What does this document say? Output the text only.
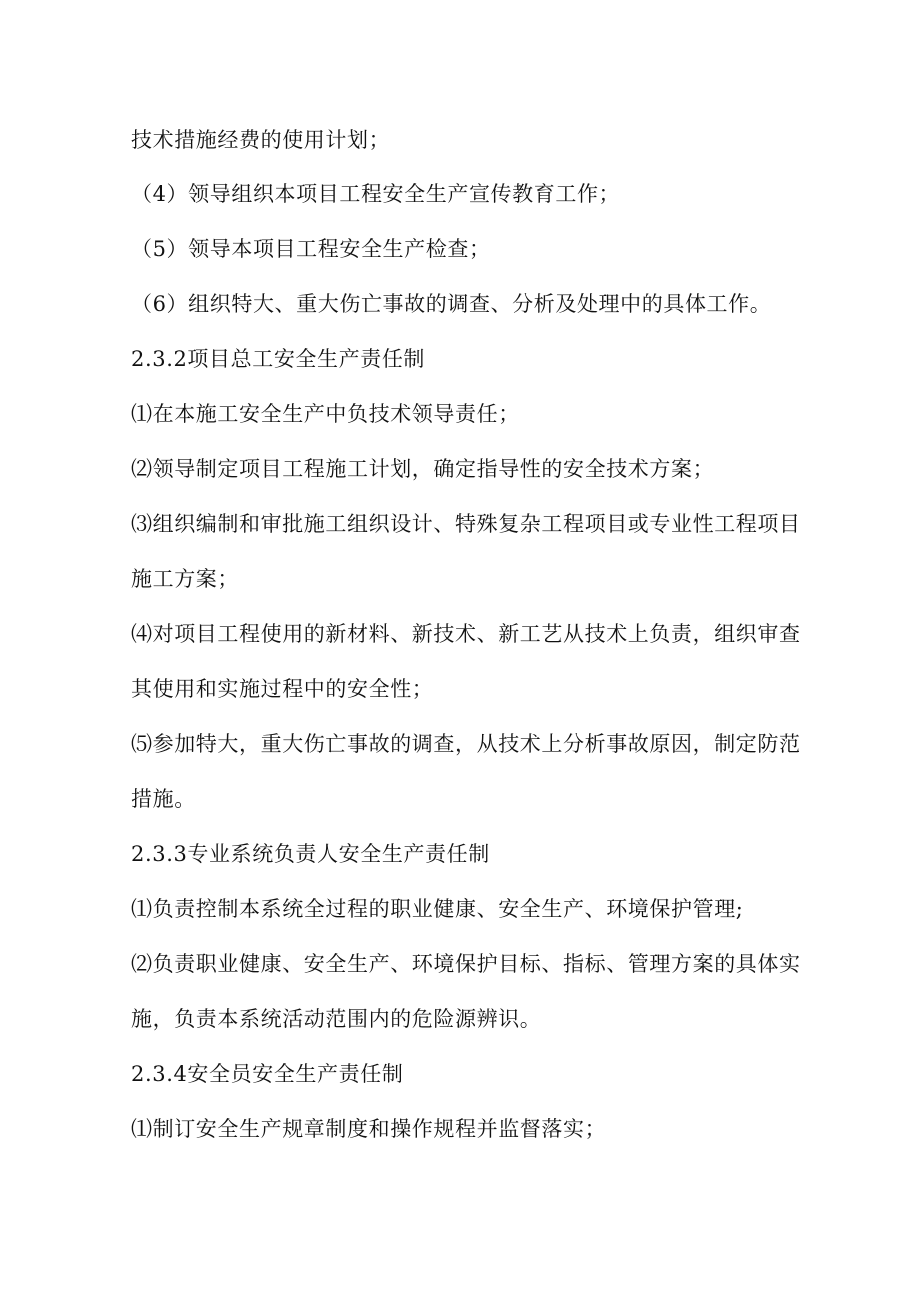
技术措施经费的使用计划；
（4）领导组织本项目工程安全生产宣传教育工作；
（5）领导本项目工程安全生产检查；
（6）组织特大、重大伤亡事故的调查、分析及处理中的具体工作。
2.3.2项目总工安全生产责任制
⑴在本施工安全生产中负技术领导责任；
⑵领导制定项目工程施工计划，确定指导性的安全技术方案；
⑶组织编制和审批施工组织设计、特殊复杂工程项目或专业性工程项目
施工方案；
⑷对项目工程使用的新材料、新技术、新工艺从技术上负责，组织审查
其使用和实施过程中的安全性；
⑸参加特大，重大伤亡事故的调查，从技术上分析事故原因，制定防范
措施。
2.3.3专业系统负责人安全生产责任制
⑴负责控制本系统全过程的职业健康、安全生产、环境保护管理;
⑵负责职业健康、安全生产、环境保护目标、指标、管理方案的具体实
施，负责本系统活动范围内的危险源辨识。
2.3.4安全员安全生产责任制
⑴制订安全生产规章制度和操作规程并监督落实；
